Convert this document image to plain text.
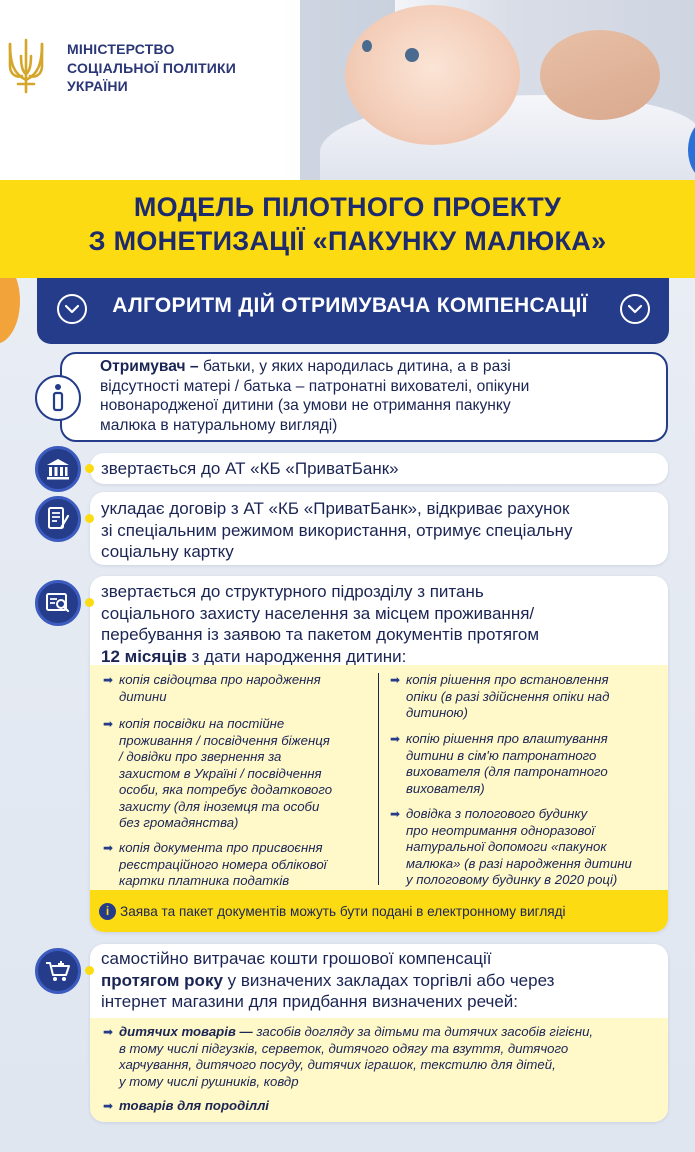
МІНІСТЕРСТВО
СОЦІАЛЬНОЇ ПОЛІТИКИ
УКРАЇНИ
МОДЕЛЬ ПІЛОТНОГО ПРОЕКТУ
З МОНЕТИЗАЦІЇ «ПАКУНКУ МАЛЮКА»
АЛГОРИТМ ДІЙ ОТРИМУВАЧА КОМПЕНСАЦІЇ
Отримувач – батьки, у яких народилась дитина, а в разі
відсутності матері / батька – патронатні вихователі, опікуни
новонародженої дитини (за умови не отримання пакунку
малюка в натуральному вигляді)
звертається до АТ «КБ «ПриватБанк»
укладає договір з АТ «КБ «ПриватБанк», відкриває рахунок
зі спеціальним режимом використання, отримує спеціальну
соціальну картку
звертається до структурного підрозділу з питань
соціального захисту населення за місцем проживання/
перебування із заявою та пакетом документів протягом
12 місяців з дати народження дитини:
➡ копія свідоцтва про народження
дитини
➡ копія посвідки на постійне
проживання / посвідчення біженця
/ довідки про звернення за
захистом в Україні / посвідчення
особи, яка потребує додаткового
захисту (для іноземця та особи
без громадянства)
➡ копія документа про присвоєння
реєстраційного номера облікової
картки платника податків
➡ копія рішення про встановлення
опіки (в разі здійснення опіки над
дитиною)
➡ копію рішення про влаштування
дитини в сім'ю патронатного
вихователя (для патронатного
вихователя)
➡ довідка з пологового будинку
про неотримання одноразової
натуральної допомоги «пакунок
малюка» (в разі народження дитини
у пологовому будинку в 2020 році)
i Заява та пакет документів можуть бути подані в електронному вигляді
самостійно витрачає кошти грошової компенсації
протягом року у визначених закладах торгівлі або через
інтернет магазини для придбання визначених речей:
➡ дитячих товарів — засобів догляду за дітьми та дитячих засобів гігієни,
в тому числі підгузків, серветок, дитячого одягу та взуття, дитячого
харчування, дитячого посуду, дитячих іграшок, текстилю для дітей,
у тому числі рушників, ковдр
➡ товарів для породіллі
